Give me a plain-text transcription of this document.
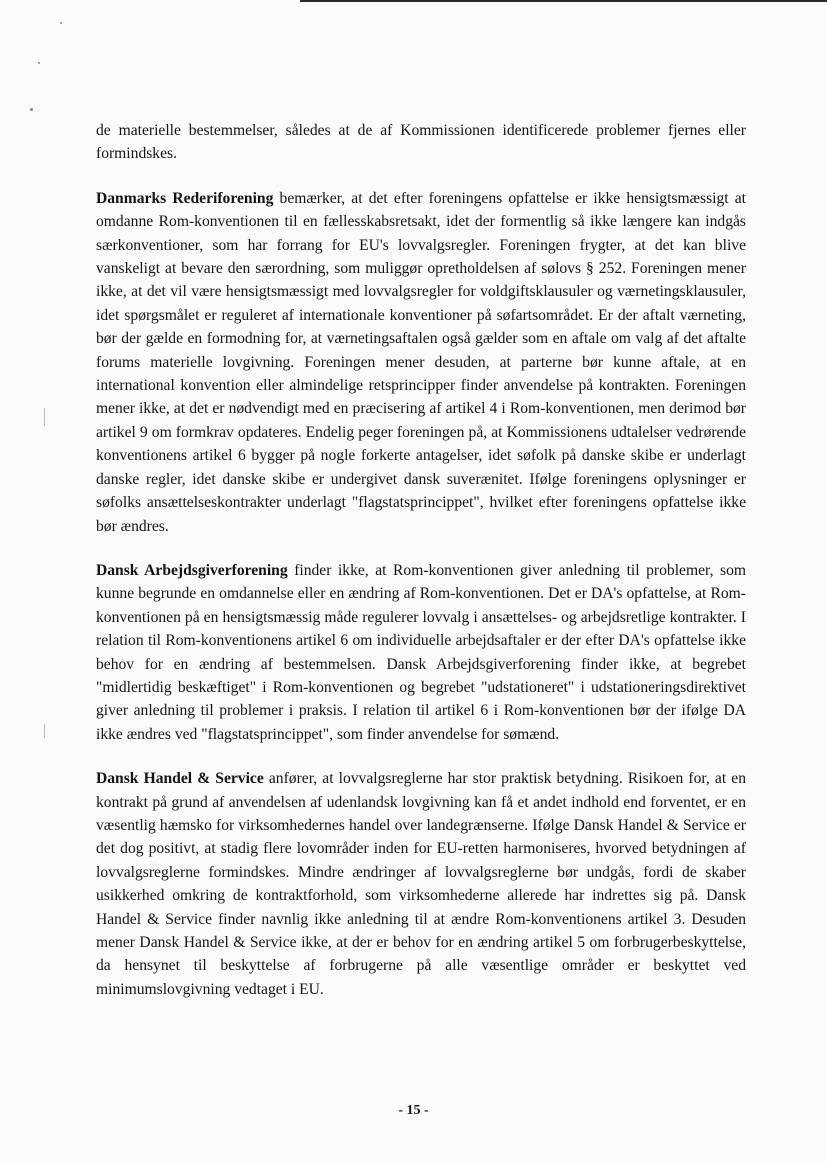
de materielle bestemmelser, således at de af Kommissionen identificerede problemer fjernes eller formindskes.

Danmarks Rederiforening bemærker, at det efter foreningens opfattelse er ikke hensigtsmæssigt at omdanne Rom-konventionen til en fællesskabsretsakt, idet der formentlig så ikke længere kan indgås særkonventioner, som har forrang for EU's lovvalgsregler. Foreningen frygter, at det kan blive vanskeligt at bevare den særordning, som muliggør opretholdelsen af sølovs § 252. Foreningen mener ikke, at det vil være hensigtsmæssigt med lovvalgsregler for voldgiftsklausuler og værnetingsklausuler, idet spørgsmålet er reguleret af internationale konventioner på søfartsområdet. Er der aftalt værneting, bør der gælde en formodning for, at værnetingsaftalen også gælder som en aftale om valg af det aftalte forums materielle lovgivning. Foreningen mener desuden, at parterne bør kunne aftale, at en international konvention eller almindelige retsprincipper finder anvendelse på kontrakten. Foreningen mener ikke, at det er nødvendigt med en præcisering af artikel 4 i Rom-konventionen, men derimod bør artikel 9 om formkrav opdateres. Endelig peger foreningen på, at Kommissionens udtalelser vedrørende konventionens artikel 6 bygger på nogle forkerte antagelser, idet søfolk på danske skibe er underlagt danske regler, idet danske skibe er undergivet dansk suverænitet. Ifølge foreningens oplysninger er søfolks ansættelseskontrakter underlagt "flagstatsprincippet", hvilket efter foreningens opfattelse ikke bør ændres.

Dansk Arbejdsgiverforening finder ikke, at Rom-konventionen giver anledning til problemer, som kunne begrunde en omdannelse eller en ændring af Rom-konventionen. Det er DA's opfattelse, at Rom-konventionen på en hensigtsmæssig måde regulerer lovvalg i ansættelses- og arbejdsretlige kontrakter. I relation til Rom-konventionens artikel 6 om individuelle arbejdsaftaler er der efter DA's opfattelse ikke behov for en ændring af bestemmelsen. Dansk Arbejdsgiverforening finder ikke, at begrebet "midlertidig beskæftiget" i Rom-konventionen og begrebet "udstationeret" i udstationeringsdirektivet giver anledning til problemer i praksis. I relation til artikel 6 i Rom-konventionen bør der ifølge DA ikke ændres ved "flagstatsprincippet", som finder anvendelse for sømænd.

Dansk Handel & Service anfører, at lovvalgsreglerne har stor praktisk betydning. Risikoen for, at en kontrakt på grund af anvendelsen af udenlandsk lovgivning kan få et andet indhold end forventet, er en væsentlig hæmsko for virksomhedernes handel over landegrænserne. Ifølge Dansk Handel & Service er det dog positivt, at stadig flere lovområder inden for EU-retten harmoniseres, hvorved betydningen af lovvalgsreglerne formindskes. Mindre ændringer af lovvalgsreglerne bør undgås, fordi de skaber usikkerhed omkring de kontraktforhold, som virksomhederne allerede har indrettes sig på. Dansk Handel & Service finder navnlig ikke anledning til at ændre Rom-konventionens artikel 3. Desuden mener Dansk Handel & Service ikke, at der er behov for en ændring artikel 5 om forbrugerbeskyttelse, da hensynet til beskyttelse af forbrugerne på alle væsentlige områder er beskyttet ved minimumslovgivning vedtaget i EU.

- 15 -
